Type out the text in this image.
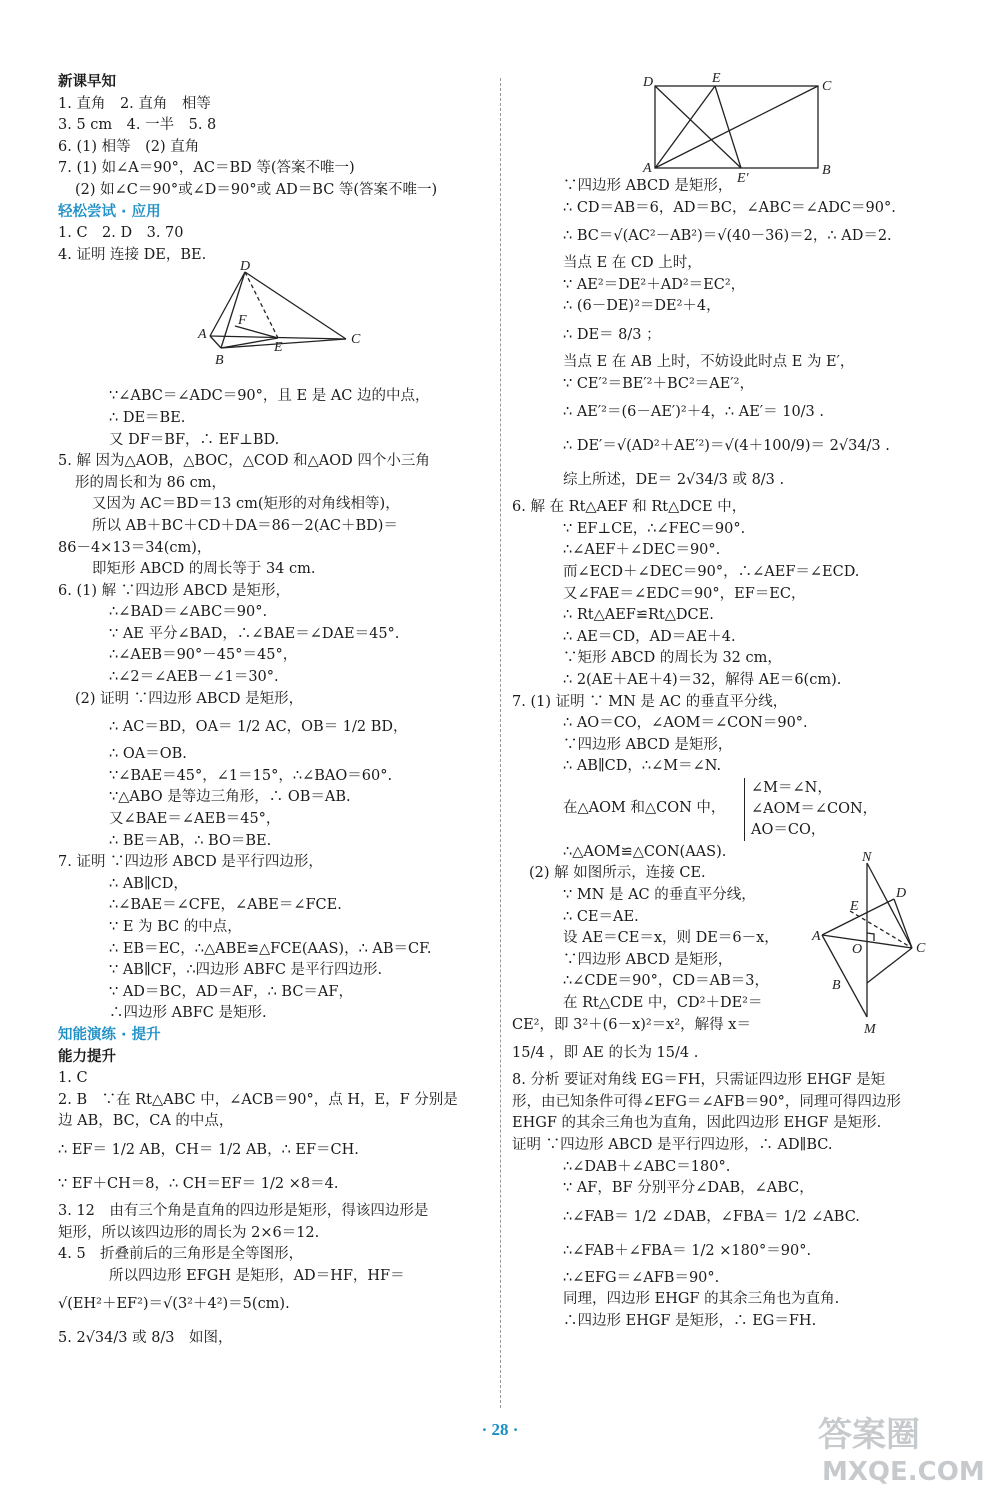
新课早知
1. 直角　2. 直角　相等
3. 5 cm　4. 一半　5. 8
6. (1) 相等　(2) 直角
7. (1) 如∠A＝90°，AC＝BD 等(答案不唯一)
(2) 如∠C＝90°或∠D＝90°或 AD＝BC 等(答案不唯一)
轻松尝试 · 应用
1. C　2. D　3. 70
4. 证明 连接 DE，BE.
D
F
A
E
C
B
∵∠ABC＝∠ADC＝90°，且 E 是 AC 边的中点，
∴ DE＝BE.
又 DF＝BF，∴ EF⊥BD.
5. 解 因为△AOB，△BOC，△COD 和△AOD 四个小三角
形的周长和为 86 cm，
又因为 AC＝BD＝13 cm(矩形的对角线相等)，
所以 AB＋BC＋CD＋DA＝86－2(AC＋BD)＝
86－4×13＝34(cm)，
即矩形 ABCD 的周长等于 34 cm.
6. (1) 解 ∵四边形 ABCD 是矩形，
∴∠BAD＝∠ABC＝90°.
∵ AE 平分∠BAD，∴∠BAE＝∠DAE＝45°.
∴∠AEB＝90°－45°＝45°，
∴∠2＝∠AEB－∠1＝30°.
(2) 证明 ∵四边形 ABCD 是矩形，
∴ AC＝BD，OA＝ 1/2 AC，OB＝ 1/2 BD，
∴ OA＝OB.
∵∠BAE＝45°，∠1＝15°，∴∠BAO＝60°.
∵△ABO 是等边三角形，∴ OB＝AB.
又∠BAE＝∠AEB＝45°，
∴ BE＝AB，∴ BO＝BE.
7. 证明 ∵四边形 ABCD 是平行四边形，
∴ AB∥CD，
∴∠BAE＝∠CFE，∠ABE＝∠FCE.
∵ E 为 BC 的中点，
∴ EB＝EC，∴△ABE≌△FCE(AAS)，∴ AB＝CF.
∵ AB∥CF，∴四边形 ABFC 是平行四边形.
∵ AD＝BC，AD＝AF，∴ BC＝AF，
∴四边形 ABFC 是矩形.
知能演练 · 提升
能力提升
1. C
2. B　∵在 Rt△ABC 中，∠ACB＝90°，点 H，E，F 分别是
边 AB，BC，CA 的中点，
∴ EF＝ 1/2 AB，CH＝ 1/2 AB，∴ EF＝CH.
∵ EF＋CH＝8，∴ CH＝EF＝ 1/2 ×8＝4.
3. 12　由有三个角是直角的四边形是矩形，得该四边形是
矩形，所以该四边形的周长为 2×6＝12.
4. 5　折叠前后的三角形是全等图形，
所以四边形 EFGH 是矩形，AD＝HF，HF＝
√(EH²＋EF²)＝√(3²＋4²)＝5(cm).
5. 2√34/3 或 8/3　如图，
D	E
C
A
E′
B
∵四边形 ABCD 是矩形，
∴ CD＝AB＝6，AD＝BC，∠ABC＝∠ADC＝90°.
∴ BC＝√(AC²－AB²)＝√(40－36)＝2，∴ AD＝2.
当点 E 在 CD 上时，
∵ AE²＝DE²＋AD²＝EC²，
∴ (6－DE)²＝DE²＋4，
∴ DE＝ 8/3 ；
当点 E 在 AB 上时，不妨设此时点 E 为 E′，
∵ CE′²＝BE′²＋BC²＝AE′²，
∴ AE′²＝(6－AE′)²＋4，∴ AE′＝ 10/3 .
∴ DE′＝√(AD²＋AE′²)＝√(4＋100/9)＝ 2√34/3 .
综上所述，DE＝ 2√34/3 或 8/3 .
6. 解 在 Rt△AEF 和 Rt△DCE 中，
∵ EF⊥CE，∴∠FEC＝90°.
∴∠AEF＋∠DEC＝90°.
而∠ECD＋∠DEC＝90°，∴∠AEF＝∠ECD.
又∠FAE＝∠EDC＝90°，EF＝EC，
∴ Rt△AEF≌Rt△DCE.
∴ AE＝CD，AD＝AE＋4.
∵矩形 ABCD 的周长为 32 cm，
∴ 2(AE＋AE＋4)＝32，解得 AE＝6(cm).
7. (1) 证明 ∵ MN 是 AC 的垂直平分线，
∴ AO＝CO，∠AOM＝∠CON＝90°.
∵四边形 ABCD 是矩形，
∴ AB∥CD，∴∠M＝∠N.
在△AOM 和△CON 中，
∠M＝∠N，
∠AOM＝∠CON，
AO＝CO，
∴△AOM≌△CON(AAS).	N
D
E
A
C
O
B
M
(2) 解 如图所示，连接 CE.
∵ MN 是 AC 的垂直平分线，
∴ CE＝AE.
设 AE＝CE＝x，则 DE＝6－x，
∵四边形 ABCD 是矩形，
∴∠CDE＝90°，CD＝AB＝3，
在 Rt△CDE 中，CD²＋DE²＝
CE²，即 3²＋(6－x)²＝x²，解得 x＝
15/4 ，即 AE 的长为 15/4 .
8. 分析 要证对角线 EG＝FH，只需证四边形 EHGF 是矩
形，由已知条件可得∠EFG＝∠AFB＝90°，同理可得四边形
EHGF 的其余三角也为直角，因此四边形 EHGF 是矩形.
证明 ∵四边形 ABCD 是平行四边形，∴ AD∥BC.
∴∠DAB＋∠ABC＝180°.
∵ AF，BF 分别平分∠DAB，∠ABC，
∴∠FAB＝ 1/2 ∠DAB，∠FBA＝ 1/2 ∠ABC.
∴∠FAB＋∠FBA＝ 1/2 ×180°＝90°.
∴∠EFG＝∠AFB＝90°.
同理，四边形 EHGF 的其余三角也为直角.
∴四边形 EHGF 是矩形，∴ EG＝FH.
· 28 ·	答案圈
MXQE.COM
